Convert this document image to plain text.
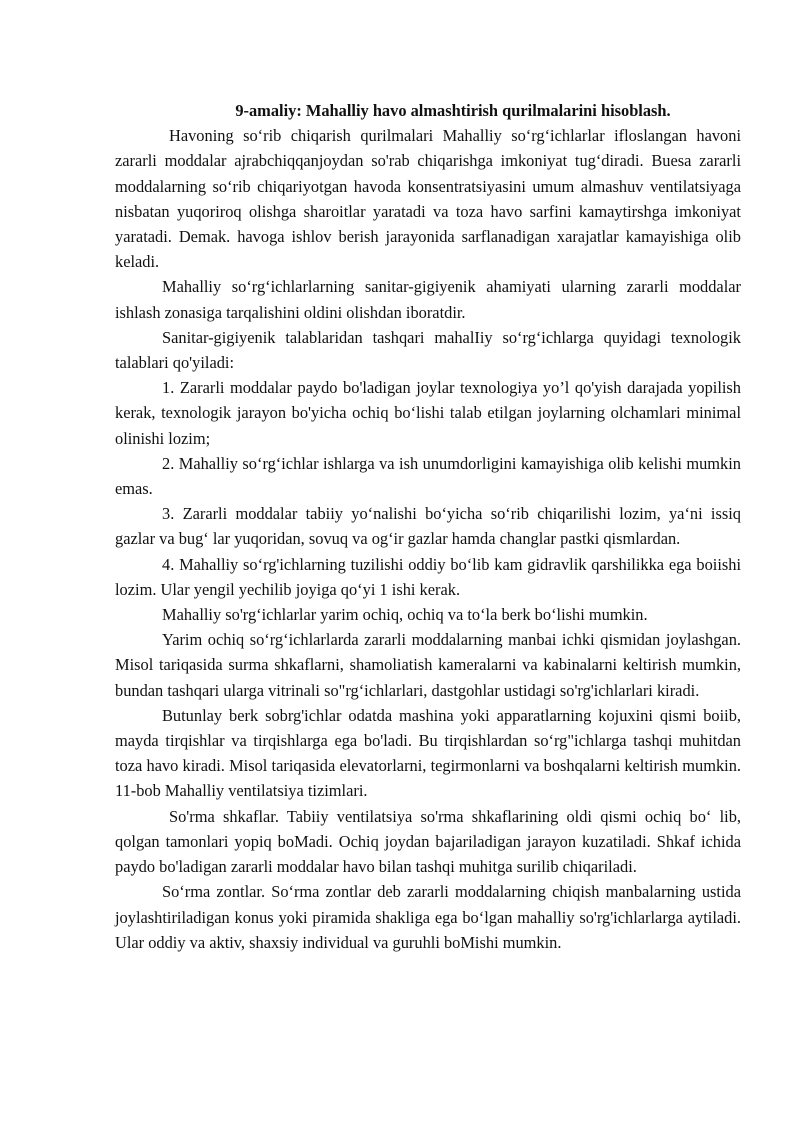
9-amaliy: Mahalliy havo almashtirish qurilmalarini hisoblash.

Havoning so‘rib chiqarish qurilmalari Mahalliy so‘rg‘ichlarlar ifloslangan havoni zararli moddalar ajrabchiqqanjoydan so'rab chiqarishga imkoniyat tug‘diradi. Buesa zararli moddalarning so‘rib chiqariyotgan havoda konsentratsiyasini umum almashuv ventilatsiyaga nisbatan yuqoriroq olishga sharoitlar yaratadi va toza havo sarfini kamaytirshga imkoniyat yaratadi. Demak. havoga ishlov berish jarayonida sarflanadigan xarajatlar kamayishiga olib keladi.

Mahalliy so‘rg‘ichlarlarning sanitar-gigiyenik ahamiyati ularning zararli moddalar ishlash zonasiga tarqalishini oldini olishdan iboratdir.

Sanitar-gigiyenik talablaridan tashqari mahalIiy so‘rg‘ichlarga quyidagi texnologik talablari qo'yiladi:

1. Zararli moddalar paydo bo'ladigan joylar texnologiya yo’l qo'yish darajada yopilish kerak, texnologik jarayon bo'yicha ochiq bo‘lishi talab etilgan joylarning olchamlari minimal olinishi lozim;

2. Mahalliy so‘rg‘ichlar ishlarga va ish unumdorligini kamayishiga olib kelishi mumkin emas.

3. Zararli moddalar tabiiy yo‘nalishi bo‘yicha so‘rib chiqarilishi lozim, ya‘ni issiq gazlar va bug‘ lar yuqoridan, sovuq va og‘ir gazlar hamda changlar pastki qismlardan.

4. Mahalliy so‘rg'ichlarning tuzilishi oddiy bo‘lib kam gidravlik qarshilikka ega boiishi lozim. Ular yengil yechilib joyiga qo‘yi 1 ishi kerak.

Mahalliy so'rg‘ichlarlar yarim ochiq, ochiq va to‘la berk bo‘lishi mumkin.

Yarim ochiq so‘rg‘ichlarlarda zararli moddalarning manbai ichki qismidan joylashgan. Misol tariqasida surma shkaflarni, shamoliatish kameralarni va kabinalarni keltirish mumkin, bundan tashqari ularga vitrinali so"rg‘ichlarlari, dastgohlar ustidagi so'rg'ichlarlari kiradi.

Butunlay berk sobrg'ichlar odatda mashina yoki apparatlarning kojuxini qismi boiib, mayda tirqishlar va tirqishlarga ega bo'ladi. Bu tirqishlardan so‘rg"ichlarga tashqi muhitdan toza havo kiradi. Misol tariqasida elevatorlarni, tegirmonlarni va boshqalarni keltirish mumkin. 11-bob Mahalliy ventilatsiya tizimlari.

So'rma shkaflar. Tabiiy ventilatsiya so'rma shkaflarining oldi qismi ochiq bo‘ lib, qolgan tamonlari yopiq boMadi. Ochiq joydan bajariladigan jarayon kuzatiladi. Shkaf ichida paydo bo'ladigan zararli moddalar havo bilan tashqi muhitga surilib chiqariladi.

So‘rma zontlar. So‘rma zontlar deb zararli moddalarning chiqish manbalarning ustida joylashtiriladigan konus yoki piramida shakliga ega bo‘lgan mahalliy so'rg'ichlarlarga aytiladi. Ular oddiy va aktiv, shaxsiy individual va guruhli boMishi mumkin.
